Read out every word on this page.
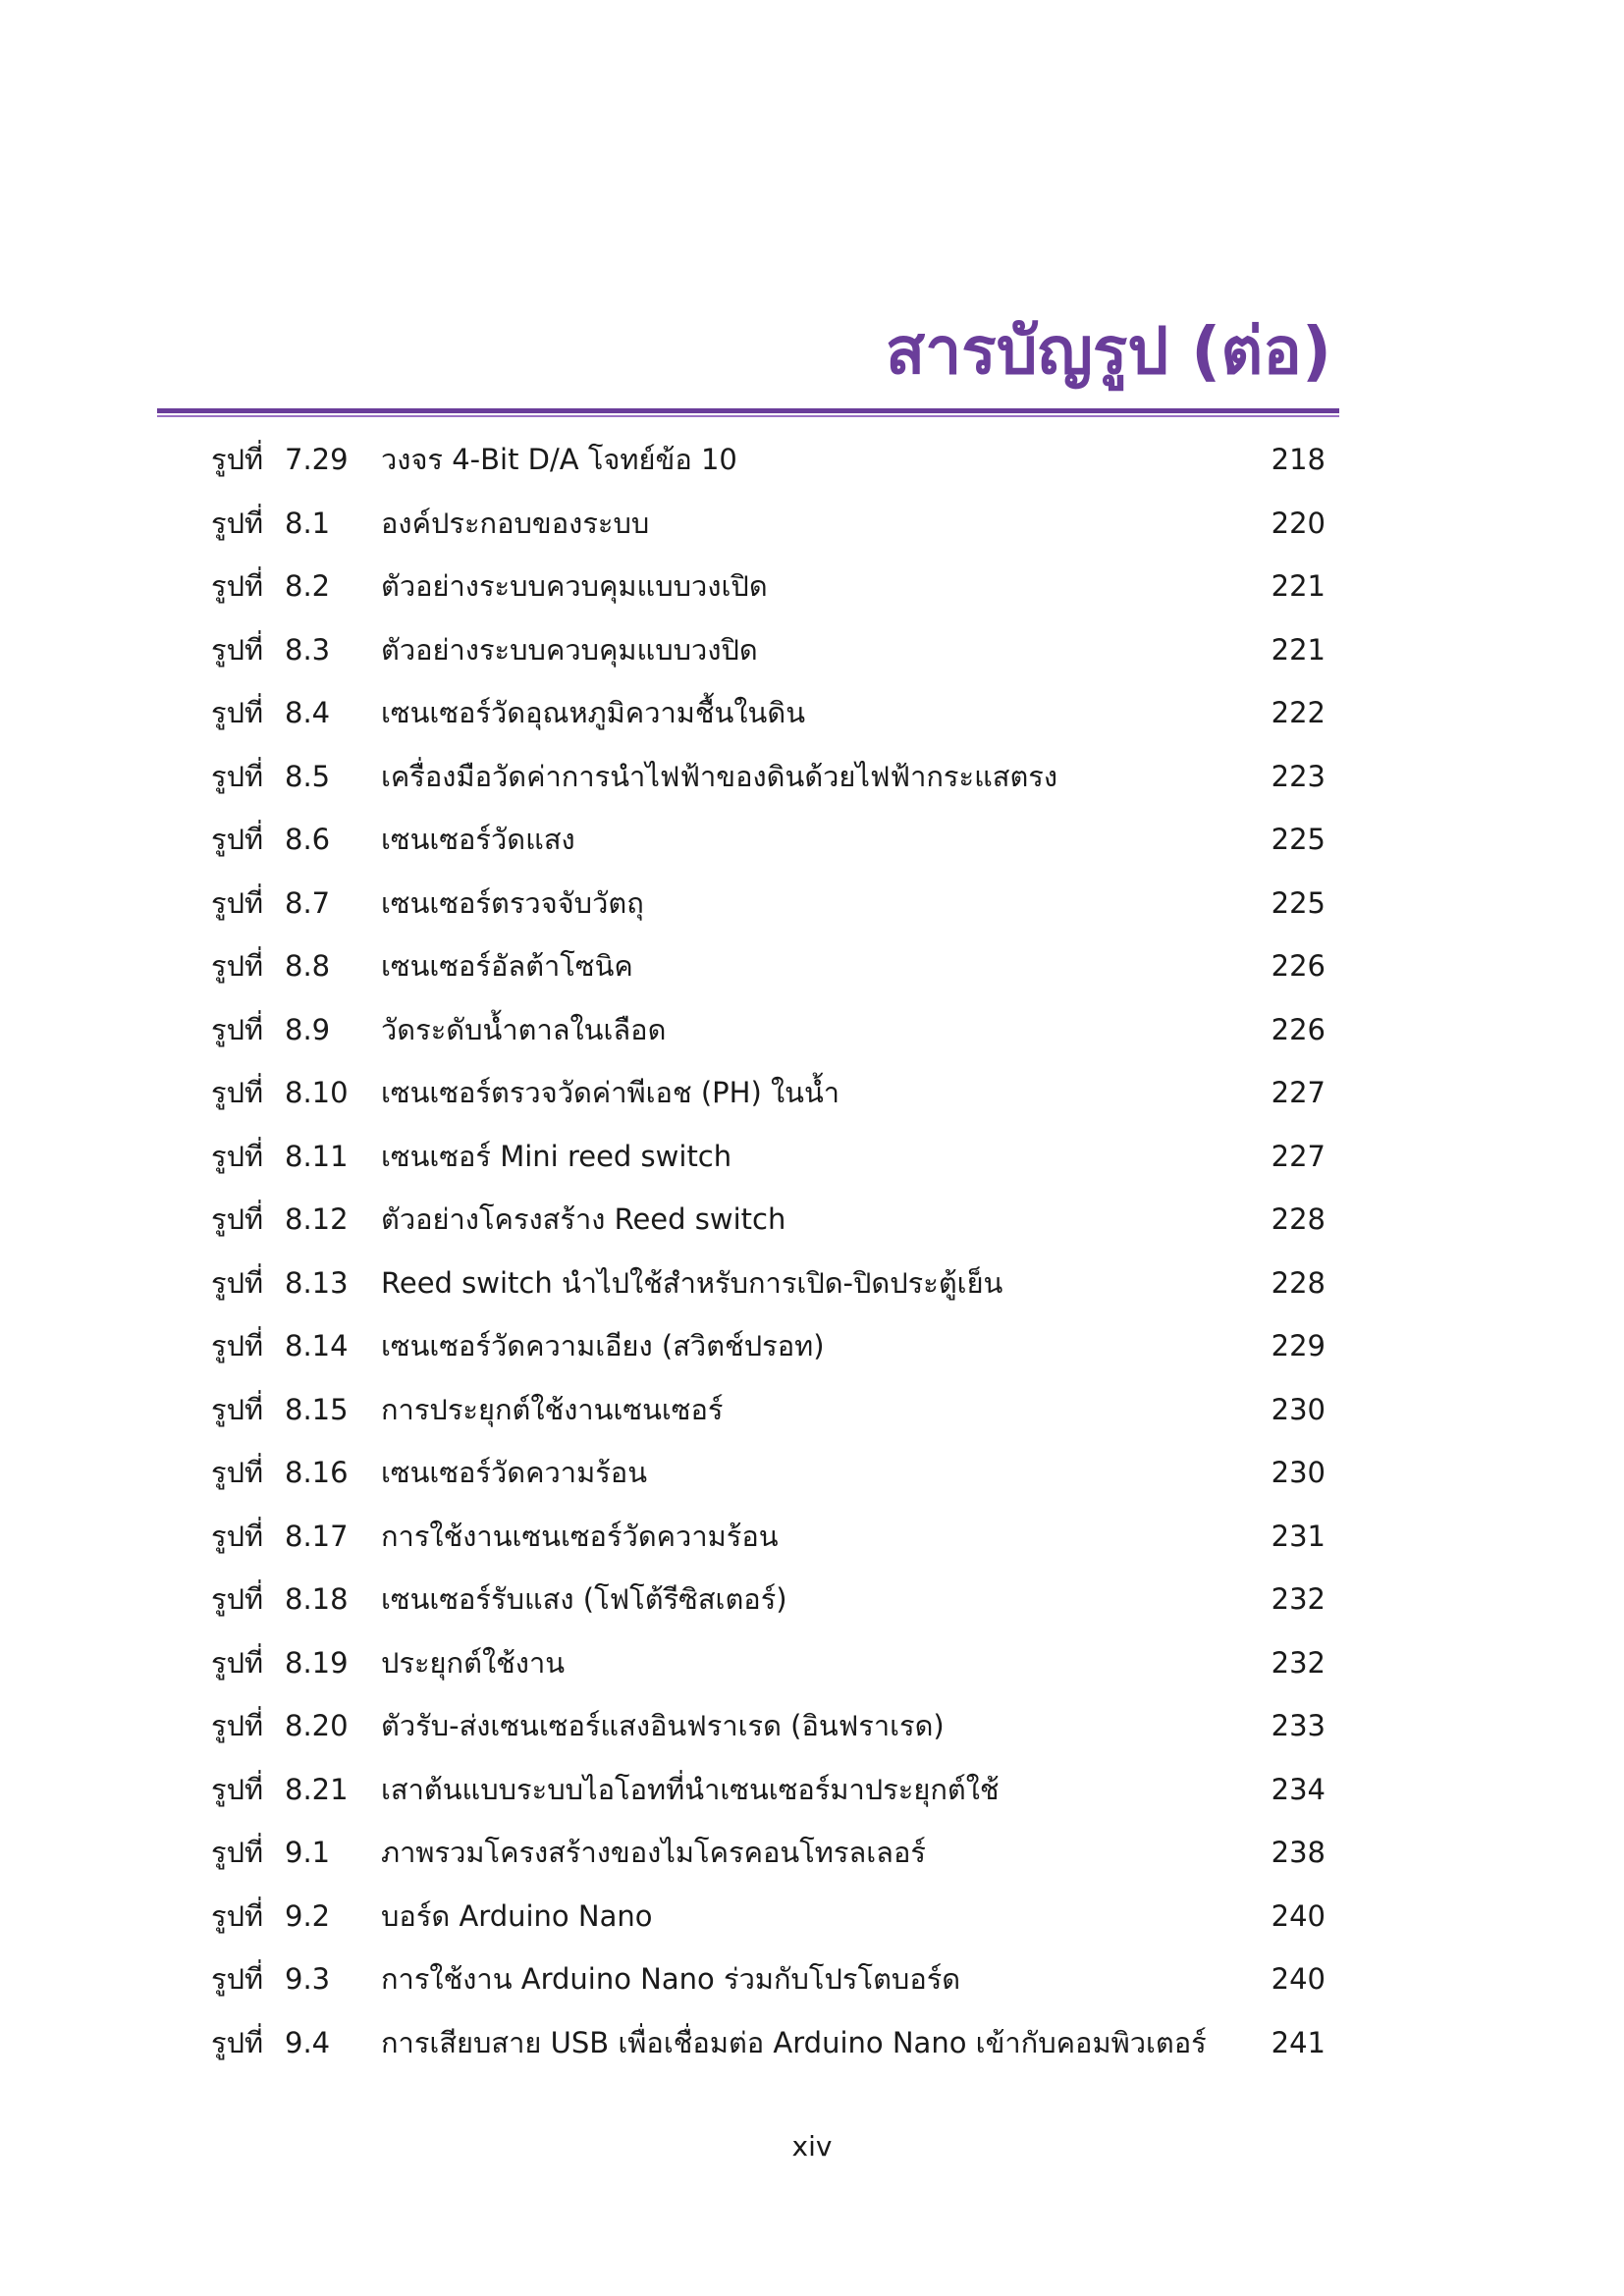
สารบัญรูป (ต่อ)
รูปที่ 7.29 วงจร 4-Bit D/A โจทย์ข้อ 10	218
รูปที่ 8.1 องค์ประกอบของระบบ	220
รูปที่ 8.2 ตัวอย่างระบบควบคุมแบบวงเปิด	221
รูปที่ 8.3 ตัวอย่างระบบควบคุมแบบวงปิด	221
รูปที่ 8.4 เซนเซอร์วัดอุณหภูมิความชื้นในดิน	222
รูปที่ 8.5 เครื่องมือวัดค่าการนำไฟฟ้าของดินด้วยไฟฟ้ากระแสตรง	223
รูปที่ 8.6 เซนเซอร์วัดแสง	225
รูปที่ 8.7 เซนเซอร์ตรวจจับวัตถุ	225
รูปที่ 8.8 เซนเซอร์อัลต้าโซนิค	226
รูปที่ 8.9 วัดระดับน้ำตาลในเลือด	226
รูปที่ 8.10 เซนเซอร์ตรวจวัดค่าพีเอช (PH) ในน้ำ	227
รูปที่ 8.11 เซนเซอร์ Mini reed switch	227
รูปที่ 8.12 ตัวอย่างโครงสร้าง Reed switch	228
รูปที่ 8.13 Reed switch นำไปใช้สำหรับการเปิด-ปิดประตู้เย็น	228
รูปที่ 8.14 เซนเซอร์วัดความเอียง (สวิตช์ปรอท)	229
รูปที่ 8.15 การประยุกต์ใช้งานเซนเซอร์	230
รูปที่ 8.16 เซนเซอร์วัดความร้อน	230
รูปที่ 8.17 การใช้งานเซนเซอร์วัดความร้อน	231
รูปที่ 8.18 เซนเซอร์รับแสง (โฟโต้รีซิสเตอร์)	232
รูปที่ 8.19 ประยุกต์ใช้งาน	232
รูปที่ 8.20 ตัวรับ-ส่งเซนเซอร์แสงอินฟราเรด (อินฟราเรด)	233
รูปที่ 8.21 เสาต้นแบบระบบไอโอทที่นำเซนเซอร์มาประยุกต์ใช้	234
รูปที่ 9.1 ภาพรวมโครงสร้างของไมโครคอนโทรลเลอร์	238
รูปที่ 9.2 บอร์ด Arduino Nano	240
รูปที่ 9.3 การใช้งาน Arduino Nano ร่วมกับโปรโตบอร์ด	240
รูปที่ 9.4 การเสียบสาย USB เพื่อเชื่อมต่อ Arduino Nano เข้ากับคอมพิวเตอร์ 241
xiv
